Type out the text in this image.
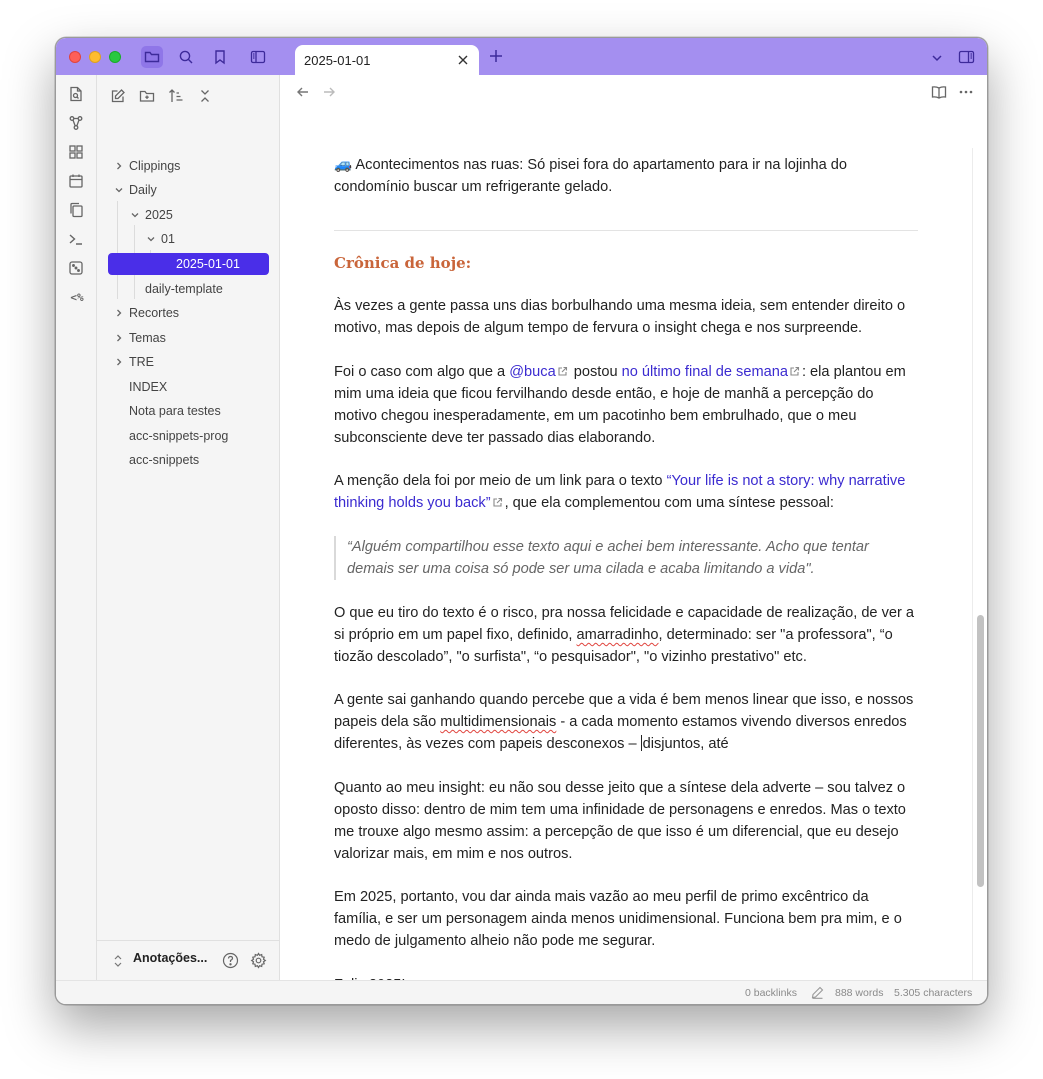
2025-01-01
<%
Clippings
Daily
2025
01
2025-01-01
daily-template
Recortes
Temas
TRE
INDEX
Nota para testes
acc-snippets-prog
acc-snippets
Anotações...

🚙 Acontecimentos nas ruas: Só pisei fora do apartamento para ir na lojinha do condomínio buscar um refrigerante gelado.

Crônica de hoje:

Às vezes a gente passa uns dias borbulhando uma mesma ideia, sem entender direito o motivo, mas depois de algum tempo de fervura o insight chega e nos surpreende.

Foi o caso com algo que a @buca postou no último final de semana : ela plantou em mim uma ideia que ficou fervilhando desde então, e hoje de manhã a percepção do motivo chegou inesperadamente, em um pacotinho bem embrulhado, que o meu subconsciente deve ter passado dias elaborando.

A menção dela foi por meio de um link para o texto “Your life is not a story: why narrative thinking holds you back” , que ela complementou com uma síntese pessoal:

“Alguém compartilhou esse texto aqui e achei bem interessante. Acho que tentar demais ser uma coisa só pode ser uma cilada e acaba limitando a vida".

O que eu tiro do texto é o risco, pra nossa felicidade e capacidade de realização, de ver a si próprio em um papel fixo, definido, amarradinho, determinado: ser "a professora", “o tiozão descolado”, "o surfista", “o pesquisador", "o vizinho prestativo" etc.

A gente sai ganhando quando percebe que a vida é bem menos linear que isso, e nossos papeis dela são multidimensionais - a cada momento estamos vivendo diversos enredos diferentes, às vezes com papeis desconexos – disjuntos, até

Quanto ao meu insight: eu não sou desse jeito que a síntese dela adverte – sou talvez o oposto disso: dentro de mim tem uma infinidade de personagens e enredos. Mas o texto me trouxe algo mesmo assim: a percepção de que isso é um diferencial, que eu desejo valorizar mais, em mim e nos outros.

Em 2025, portanto, vou dar ainda mais vazão ao meu perfil de primo excêntrico da família, e ser um personagem ainda menos unidimensional. Funciona bem pra mim, e o medo de julgamento alheio não pode me segurar.

0 backlinks	888 words 5.305 characters
